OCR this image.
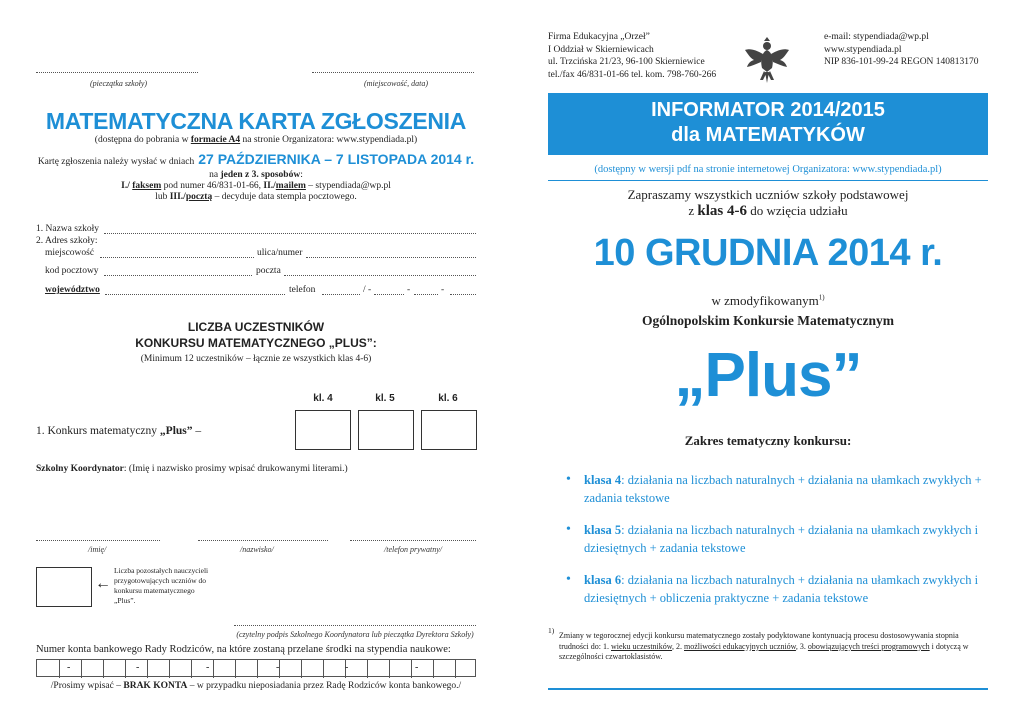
(pieczątka szkoły)	(miejscowość, data)
MATEMATYCZNA KARTA ZGŁOSZENIA
(dostępna do pobrania w formacie A4 na stronie Organizatora: www.stypendiada.pl)
Kartę zgłoszenia należy wysłać w dniach 27 PAŹDZIERNIKA – 7 LISTOPADA 2014 r.
na jeden z 3. sposobów:
I./ faksem pod numer 46/831-01-66, II./mailem – stypendiada@wp.pl
lub III./pocztą – decyduje data stempla pocztowego.
1. Nazwa szkoły
2. Adres szkoły:
miejscowość	ulica/numer
kod pocztowy	poczta
województwo	telefon	/ -	-	-
LICZBA UCZESTNIKÓW
KONKURSU MATEMATYCZNEGO „PLUS”:
(Minimum 12 uczestników – łącznie ze wszystkich klas 4-6)
kl. 4	kl. 5	kl. 6
1. Konkurs matematyczny „Plus” –
Szkolny Koordynator: (Imię i nazwisko prosimy wpisać drukowanymi literami.)
/imię/	/nazwisko/	/telefon prywatny/
←
Liczba pozostałych nauczycieli przygotowujących uczniów do konkursu matematycznego „Plus”.
(czytelny podpis Szkolnego Koordynatora lub pieczątka Dyrektora Szkoły)
Numer konta bankowego Rady Rodziców, na które zostaną przelane środki na stypendia naukowe:
-	-	-	-	-	-
/Prosimy wpisać – BRAK KONTA – w przypadku nieposiadania przez Radę Rodziców konta bankowego./
Firma Edukacyjna „Orzeł”
I Oddział w Skierniewicach
ul. Trzcińska 21/23, 96-100 Skierniewice
tel./fax 46/831-01-66 tel. kom. 798-760-266
e-mail: stypendiada@wp.pl
www.stypendiada.pl
NIP 836-101-99-24 REGON 140813170
INFORMATOR 2014/2015
dla MATEMATYKÓW
(dostępny w wersji pdf na stronie internetowej Organizatora: www.stypendiada.pl)
Zapraszamy wszystkich uczniów szkoły podstawowej
z klas 4-6 do wzięcia udziału
10 GRUDNIA 2014 r.
w zmodyfikowanym$^{1)}$
Ogólnopolskim Konkursie Matematycznym
„Plus”
Zakres tematyczny konkursu:
• klasa 4: działania na liczbach naturalnych + działania na ułamkach zwykłych + zadania tekstowe
• klasa 5: działania na liczbach naturalnych + działania na ułamkach zwykłych i dziesiętnych + zadania tekstowe
• klasa 6: działania na liczbach naturalnych + działania na ułamkach zwykłych i dziesiętnych + obliczenia praktyczne + zadania tekstowe
1)
Zmiany w tegorocznej edycji konkursu matematycznego zostały podyktowane kontynuacją procesu dostosowywania stopnia trudności do: 1. wieku uczestników, 2. możliwości edukacyjnych uczniów, 3. obowiązujących treści programowych i dotyczą w szczególności czwartoklasistów.
